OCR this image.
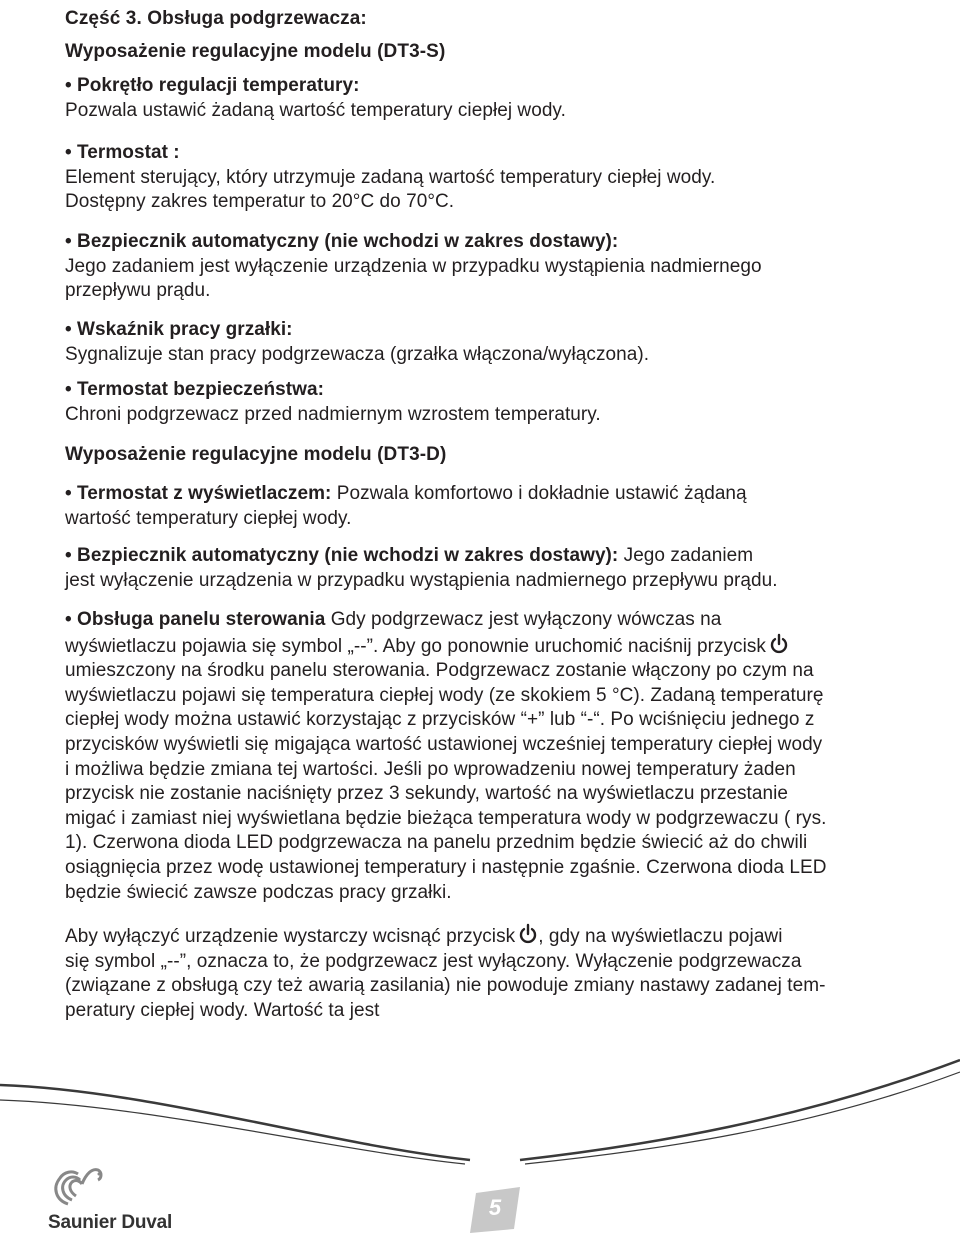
Część 3. Obsługa podgrzewacza:
Wyposażenie regulacyjne modelu (DT3-S)
• Pokrętło regulacji temperatury:
Pozwala ustawić żadaną wartość temperatury ciepłej wody.
• Termostat :
Element sterujący, który utrzymuje zadaną wartość temperatury ciepłej wody.
Dostępny zakres temperatur to 20°C do 70°C.
• Bezpiecznik automatyczny (nie wchodzi w zakres dostawy):
Jego zadaniem jest wyłączenie urządzenia w przypadku wystąpienia nadmiernego
przepływu prądu.
• Wskaźnik pracy grzałki:
Sygnalizuje stan pracy podgrzewacza (grzałka włączona/wyłączona).
• Termostat bezpieczeństwa:
Chroni podgrzewacz przed nadmiernym wzrostem temperatury.
Wyposażenie regulacyjne modelu (DT3-D)
• Termostat z wyświetlaczem: Pozwala komfortowo i dokładnie ustawić żądaną
wartość temperatury ciepłej wody.
• Bezpiecznik automatyczny (nie wchodzi w zakres dostawy): Jego zadaniem
jest wyłączenie urządzenia w przypadku wystąpienia nadmiernego przepływu prądu.
• Obsługa panelu sterowania Gdy podgrzewacz jest wyłączony wówczas na
wyświetlaczu pojawia się symbol „--”. Aby go ponownie uruchomić naciśnij przycisk
umieszczony na środku panelu sterowania. Podgrzewacz zostanie włączony po czym na
wyświetlaczu pojawi się temperatura ciepłej wody (ze skokiem 5 °C). Zadaną temperaturę
ciepłej wody można ustawić korzystając z przycisków “+” lub “-“. Po wciśnięciu jednego z
przycisków wyświetli się migająca wartość ustawionej wcześniej temperatury ciepłej wody
i możliwa będzie zmiana tej wartości. Jeśli po wprowadzeniu nowej temperatury żaden
przycisk nie zostanie naciśnięty przez 3 sekundy, wartość na wyświetlaczu przestanie
migać i zamiast niej wyświetlana będzie bieżąca temperatura wody w podgrzewaczu ( rys.
1). Czerwona dioda LED podgrzewacza na panelu przednim będzie świecić aż do chwili
osiągnięcia przez wodę ustawionej temperatury i następnie zgaśnie. Czerwona dioda LED
będzie świecić zawsze podczas pracy grzałki.
Aby wyłączyć urządzenie wystarczy wcisnąć przycisk , gdy na wyświetlaczu pojawi
się symbol „--”, oznacza to, że podgrzewacz jest wyłączony. Wyłączenie podgrzewacza
(związane z obsługą czy też awarią zasilania) nie powoduje zmiany nastawy zadanej tem-
peratury ciepłej wody. Wartość ta jest
5
Saunier Duval
